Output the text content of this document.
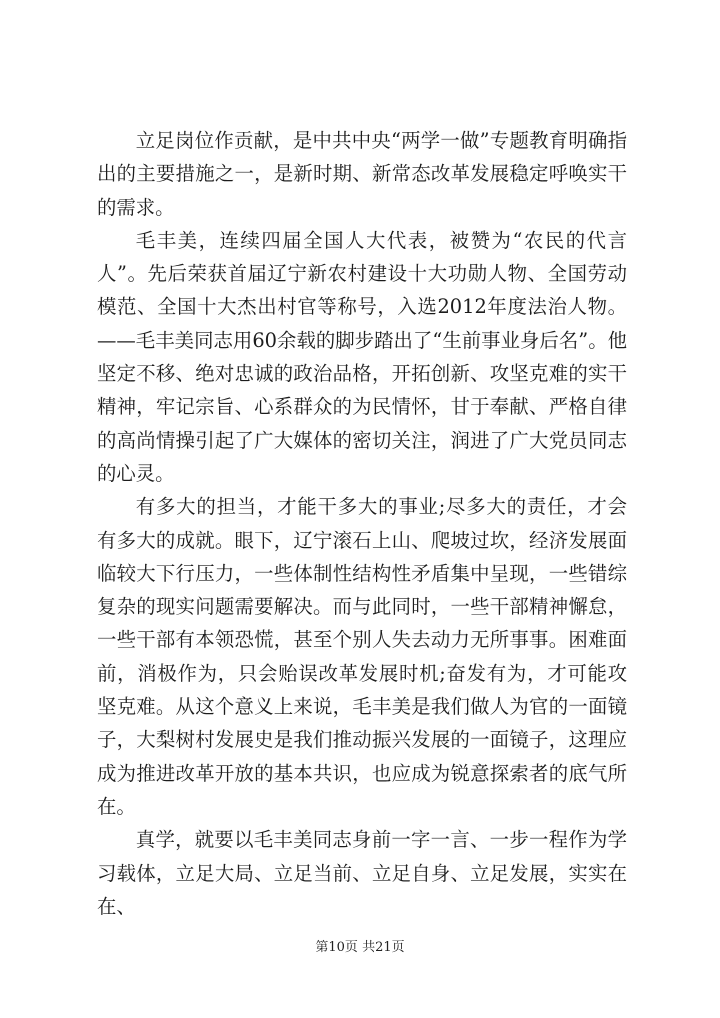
立足岗位作贡献，是中共中央“两学一做”专题教育明确指出的主要措施之一，是新时期、新常态改革发展稳定呼唤实干的需求。

毛丰美，连续四届全国人大代表，被赞为“农民的代言人”。先后荣获首届辽宁新农村建设十大功勋人物、全国劳动模范、全国十大杰出村官等称号，入选2012年度法治人物。——毛丰美同志用60余载的脚步踏出了“生前事业身后名”。他坚定不移、绝对忠诚的政治品格，开拓创新、攻坚克难的实干精神，牢记宗旨、心系群众的为民情怀，甘于奉献、严格自律的高尚情操引起了广大媒体的密切关注，润进了广大党员同志的心灵。

有多大的担当，才能干多大的事业;尽多大的责任，才会有多大的成就。眼下，辽宁滚石上山、爬坡过坎，经济发展面临较大下行压力，一些体制性结构性矛盾集中呈现，一些错综复杂的现实问题需要解决。而与此同时，一些干部精神懈怠，一些干部有本领恐慌，甚至个别人失去动力无所事事。困难面前，消极作为，只会贻误改革发展时机;奋发有为，才可能攻坚克难。从这个意义上来说，毛丰美是我们做人为官的一面镜子，大梨树村发展史是我们推动振兴发展的一面镜子，这理应成为推进改革开放的基本共识，也应成为锐意探索者的底气所在。

真学，就要以毛丰美同志身前一字一言、一步一程作为学习载体，立足大局、立足当前、立足自身、立足发展，实实在在、

第10页 共21页
